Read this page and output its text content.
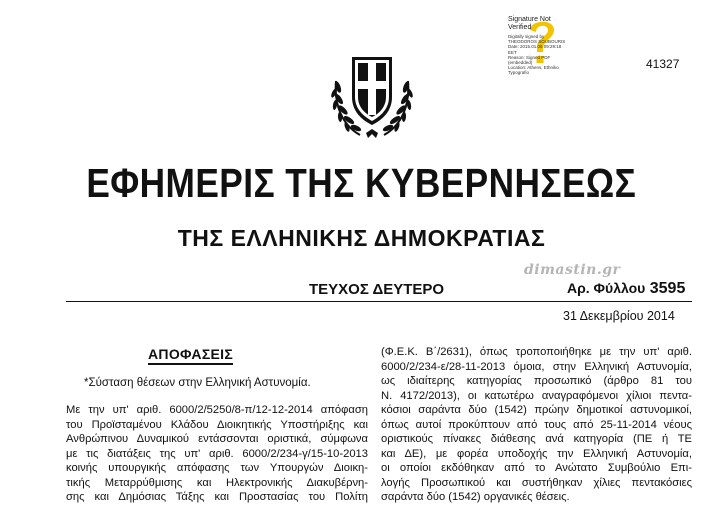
Signature Not
Verified
Digitally signed by
THEODOROS SOUBOURIS
Date: 2015.01.08 09:29:18
EET
Reason: Signed PDF
(embedded)
Location: Athens, Ethniko
Typografio
41327
ΕΦΗΜΕΡΙΣ ΤΗΣ ΚΥΒΕΡΝΗΣΕΩΣ
ΤΗΣ ΕΛΛΗΝΙΚΗΣ ΔΗΜΟΚΡΑΤΙΑΣ
dimastin.gr
ΤΕΥΧΟΣ ΔΕΥΤΕΡΟ	Αρ. Φύλλου 3595
31 Δεκεμβρίου 2014
ΑΠΟΦΑΣΕΙΣ
*Σύσταση θέσεων στην Ελληνική Αστυνομία.
Με την υπ' αριθ. 6000/2/5250/8-π/12-12-2014 απόφαση
του Προϊσταμένου Κλάδου Διοικητικής Υποστήριξης και
Ανθρώπινου Δυναμικού εντάσσονται οριστικά, σύμφωνα
με τις διατάξεις της υπ' αριθ. 6000/2/234-γ/15-10-2013
κοινής υπουργικής απόφασης των Υπουργών Διοικη-
τικής Μεταρρύθμισης και Ηλεκτρονικής Διακυβέρνη-
σης και Δημόσιας Τάξης και Προστασίας του Πολίτη
(Φ.Ε.Κ. Β΄/2631), όπως τροποποιήθηκε με την υπ' αριθ.
6000/2/234-ε/28-11-2013 όμοια, στην Ελληνική Αστυνομία,
ως ιδιαίτερης κατηγορίας προσωπικό (άρθρο 81 του
Ν. 4172/2013), οι κατωτέρω αναγραφόμενοι χίλιοι πεντα-
κόσιοι σαράντα δύο (1542) πρώην δημοτικοί αστυνομικοί,
όπως αυτοί προκύπτουν από τους από 25-11-2014 νέους
οριστικούς πίνακες διάθεσης ανά κατηγορία (ΠΕ ή ΤΕ
και ΔΕ), με φορέα υποδοχής την Ελληνική Αστυνομία,
οι οποίοι εκδόθηκαν από το Ανώτατο Συμβούλιο Επι-
λογής Προσωπικού και συστήθηκαν χίλιες πεντακόσιες
σαράντα δύο (1542) οργανικές θέσεις.
